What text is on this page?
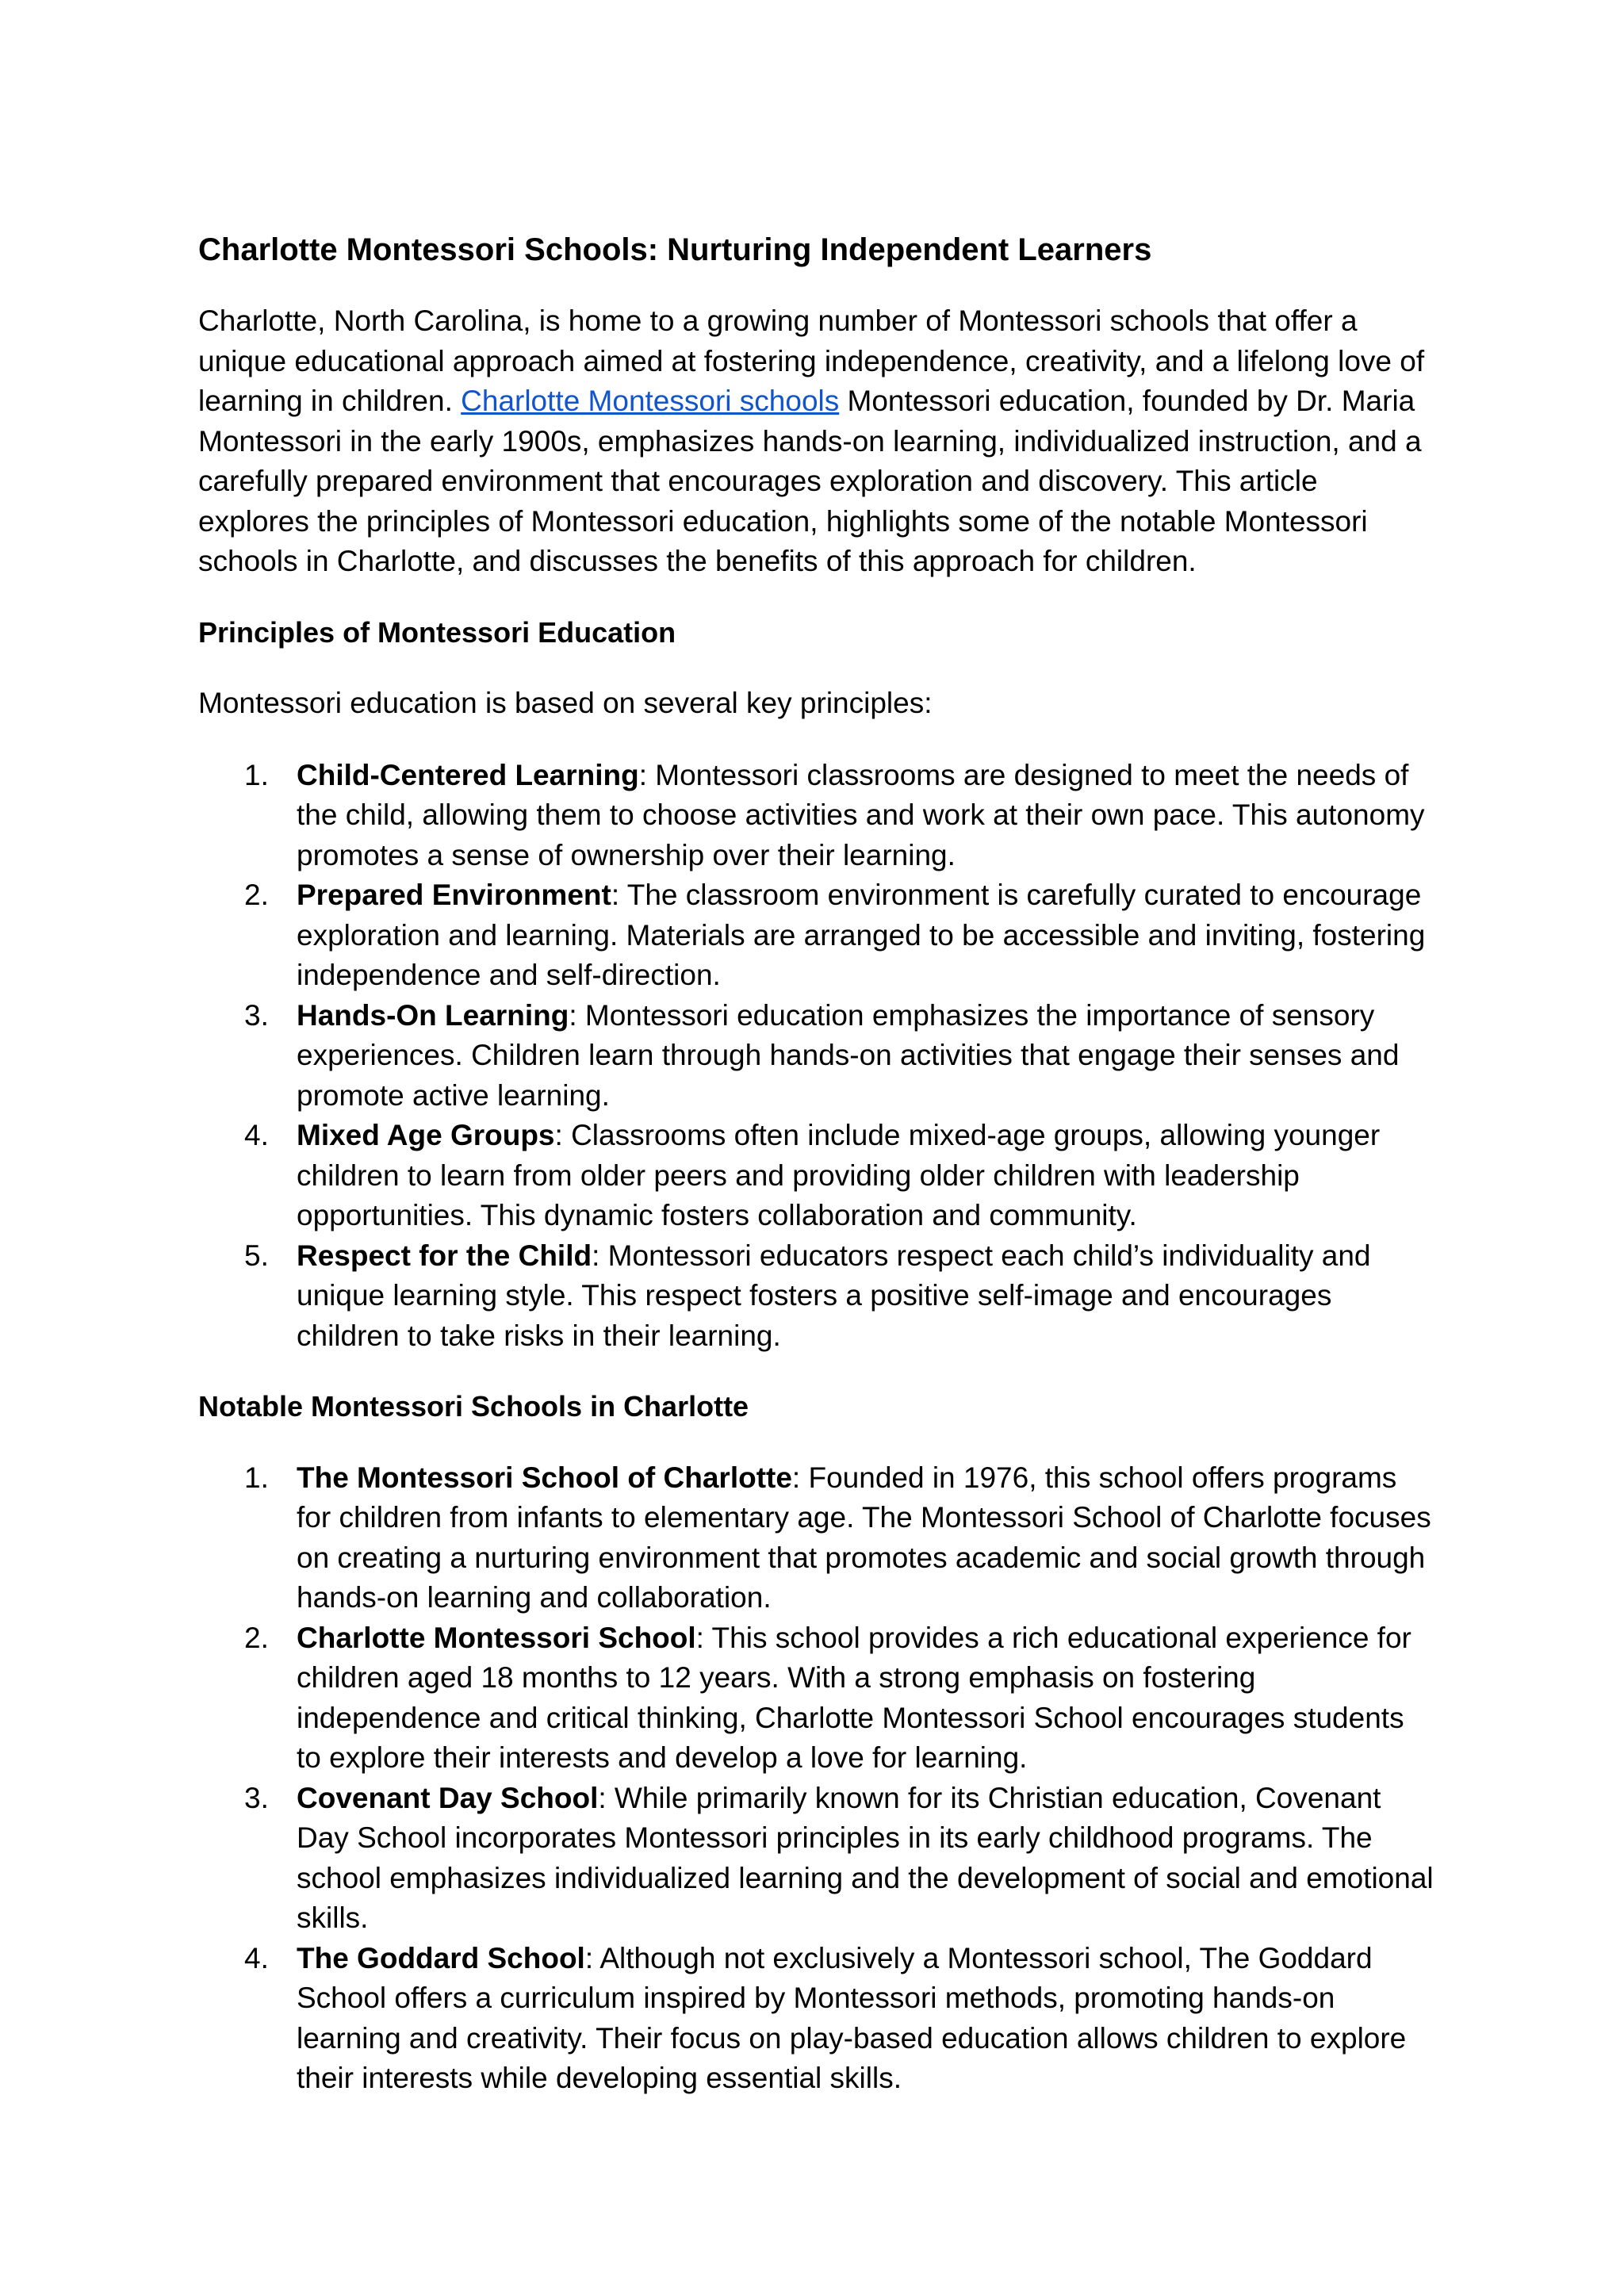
Charlotte Montessori Schools: Nurturing Independent Learners

Charlotte, North Carolina, is home to a growing number of Montessori schools that offer a unique educational approach aimed at fostering independence, creativity, and a lifelong love of learning in children. Charlotte Montessori schools Montessori education, founded by Dr. Maria Montessori in the early 1900s, emphasizes hands-on learning, individualized instruction, and a carefully prepared environment that encourages exploration and discovery. This article explores the principles of Montessori education, highlights some of the notable Montessori schools in Charlotte, and discusses the benefits of this approach for children.

Principles of Montessori Education

Montessori education is based on several key principles:

1. Child-Centered Learning: Montessori classrooms are designed to meet the needs of the child, allowing them to choose activities and work at their own pace. This autonomy promotes a sense of ownership over their learning.
2. Prepared Environment: The classroom environment is carefully curated to encourage exploration and learning. Materials are arranged to be accessible and inviting, fostering independence and self-direction.
3. Hands-On Learning: Montessori education emphasizes the importance of sensory experiences. Children learn through hands-on activities that engage their senses and promote active learning.
4. Mixed Age Groups: Classrooms often include mixed-age groups, allowing younger children to learn from older peers and providing older children with leadership opportunities. This dynamic fosters collaboration and community.
5. Respect for the Child: Montessori educators respect each child’s individuality and unique learning style. This respect fosters a positive self-image and encourages children to take risks in their learning.
Notable Montessori Schools in Charlotte
1. The Montessori School of Charlotte: Founded in 1976, this school offers programs for children from infants to elementary age. The Montessori School of Charlotte focuses on creating a nurturing environment that promotes academic and social growth through hands-on learning and collaboration.
2. Charlotte Montessori School: This school provides a rich educational experience for children aged 18 months to 12 years. With a strong emphasis on fostering independence and critical thinking, Charlotte Montessori School encourages students to explore their interests and develop a love for learning.
3. Covenant Day School: While primarily known for its Christian education, Covenant Day School incorporates Montessori principles in its early childhood programs. The school emphasizes individualized learning and the development of social and emotional skills.
4. The Goddard School: Although not exclusively a Montessori school, The Goddard School offers a curriculum inspired by Montessori methods, promoting hands-on learning and creativity. Their focus on play-based education allows children to explore their interests while developing essential skills.
